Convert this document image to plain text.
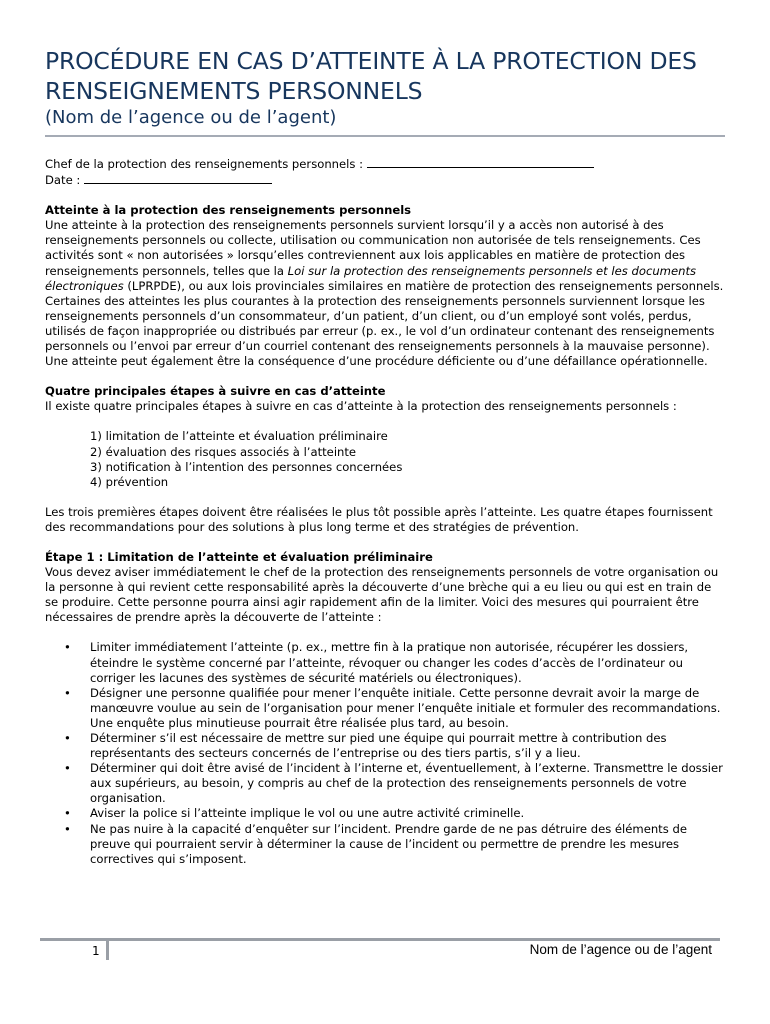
PROCÉDURE EN CAS D’ATTEINTE À LA PROTECTION DES RENSEIGNEMENTS PERSONNELS
(Nom de l’agence ou de l’agent)
Chef de la protection des renseignements personnels :
Date :
Atteinte à la protection des renseignements personnels

Une atteinte à la protection des renseignements personnels survient lorsqu’il y a accès non autorisé à des renseignements personnels ou collecte, utilisation ou communication non autorisée de tels renseignements. Ces activités sont « non autorisées » lorsqu’elles contreviennent aux lois applicables en matière de protection des renseignements personnels, telles que la Loi sur la protection des renseignements personnels et les documents électroniques (LPRPDE), ou aux lois provinciales similaires en matière de protection des renseignements personnels. Certaines des atteintes les plus courantes à la protection des renseignements personnels surviennent lorsque les renseignements personnels d’un consommateur, d’un patient, d’un client, ou d’un employé sont volés, perdus, utilisés de façon inappropriée ou distribués par erreur (p. ex., le vol d’un ordinateur contenant des renseignements personnels ou l’envoi par erreur d’un courriel contenant des renseignements personnels à la mauvaise personne). Une atteinte peut également être la conséquence d’une procédure déficiente ou d’une défaillance opérationnelle.

Quatre principales étapes à suivre en cas d’atteinte

Il existe quatre principales étapes à suivre en cas d’atteinte à la protection des renseignements personnels :

1) limitation de l’atteinte et évaluation préliminaire
2) évaluation des risques associés à l’atteinte
3) notification à l’intention des personnes concernées
4) prévention

Les trois premières étapes doivent être réalisées le plus tôt possible après l’atteinte. Les quatre étapes fournissent des recommandations pour des solutions à plus long terme et des stratégies de prévention.

Étape 1 : Limitation de l’atteinte et évaluation préliminaire

Vous devez aviser immédiatement le chef de la protection des renseignements personnels de votre organisation ou la personne à qui revient cette responsabilité après la découverte d’une brèche qui a eu lieu ou qui est en train de se produire. Cette personne pourra ainsi agir rapidement afin de la limiter. Voici des mesures qui pourraient être nécessaires de prendre après la découverte de l’atteinte :

• Limiter immédiatement l’atteinte (p. ex., mettre fin à la pratique non autorisée, récupérer les dossiers, éteindre le système concerné par l’atteinte, révoquer ou changer les codes d’accès de l’ordinateur ou corriger les lacunes des systèmes de sécurité matériels ou électroniques).
• Désigner une personne qualifiée pour mener l’enquête initiale. Cette personne devrait avoir la marge de manœuvre voulue au sein de l’organisation pour mener l’enquête initiale et formuler des recommandations. Une enquête plus minutieuse pourrait être réalisée plus tard, au besoin.
• Déterminer s’il est nécessaire de mettre sur pied une équipe qui pourrait mettre à contribution des représentants des secteurs concernés de l’entreprise ou des tiers partis, s’il y a lieu.
• Déterminer qui doit être avisé de l’incident à l’interne et, éventuellement, à l’externe. Transmettre le dossier aux supérieurs, au besoin, y compris au chef de la protection des renseignements personnels de votre organisation.
• Aviser la police si l’atteinte implique le vol ou une autre activité criminelle.
• Ne pas nuire à la capacité d’enquêter sur l’incident. Prendre garde de ne pas détruire des éléments de preuve qui pourraient servir à déterminer la cause de l’incident ou permettre de prendre les mesures correctives qui s’imposent.
1	Nom de l’agence ou de l’agent
